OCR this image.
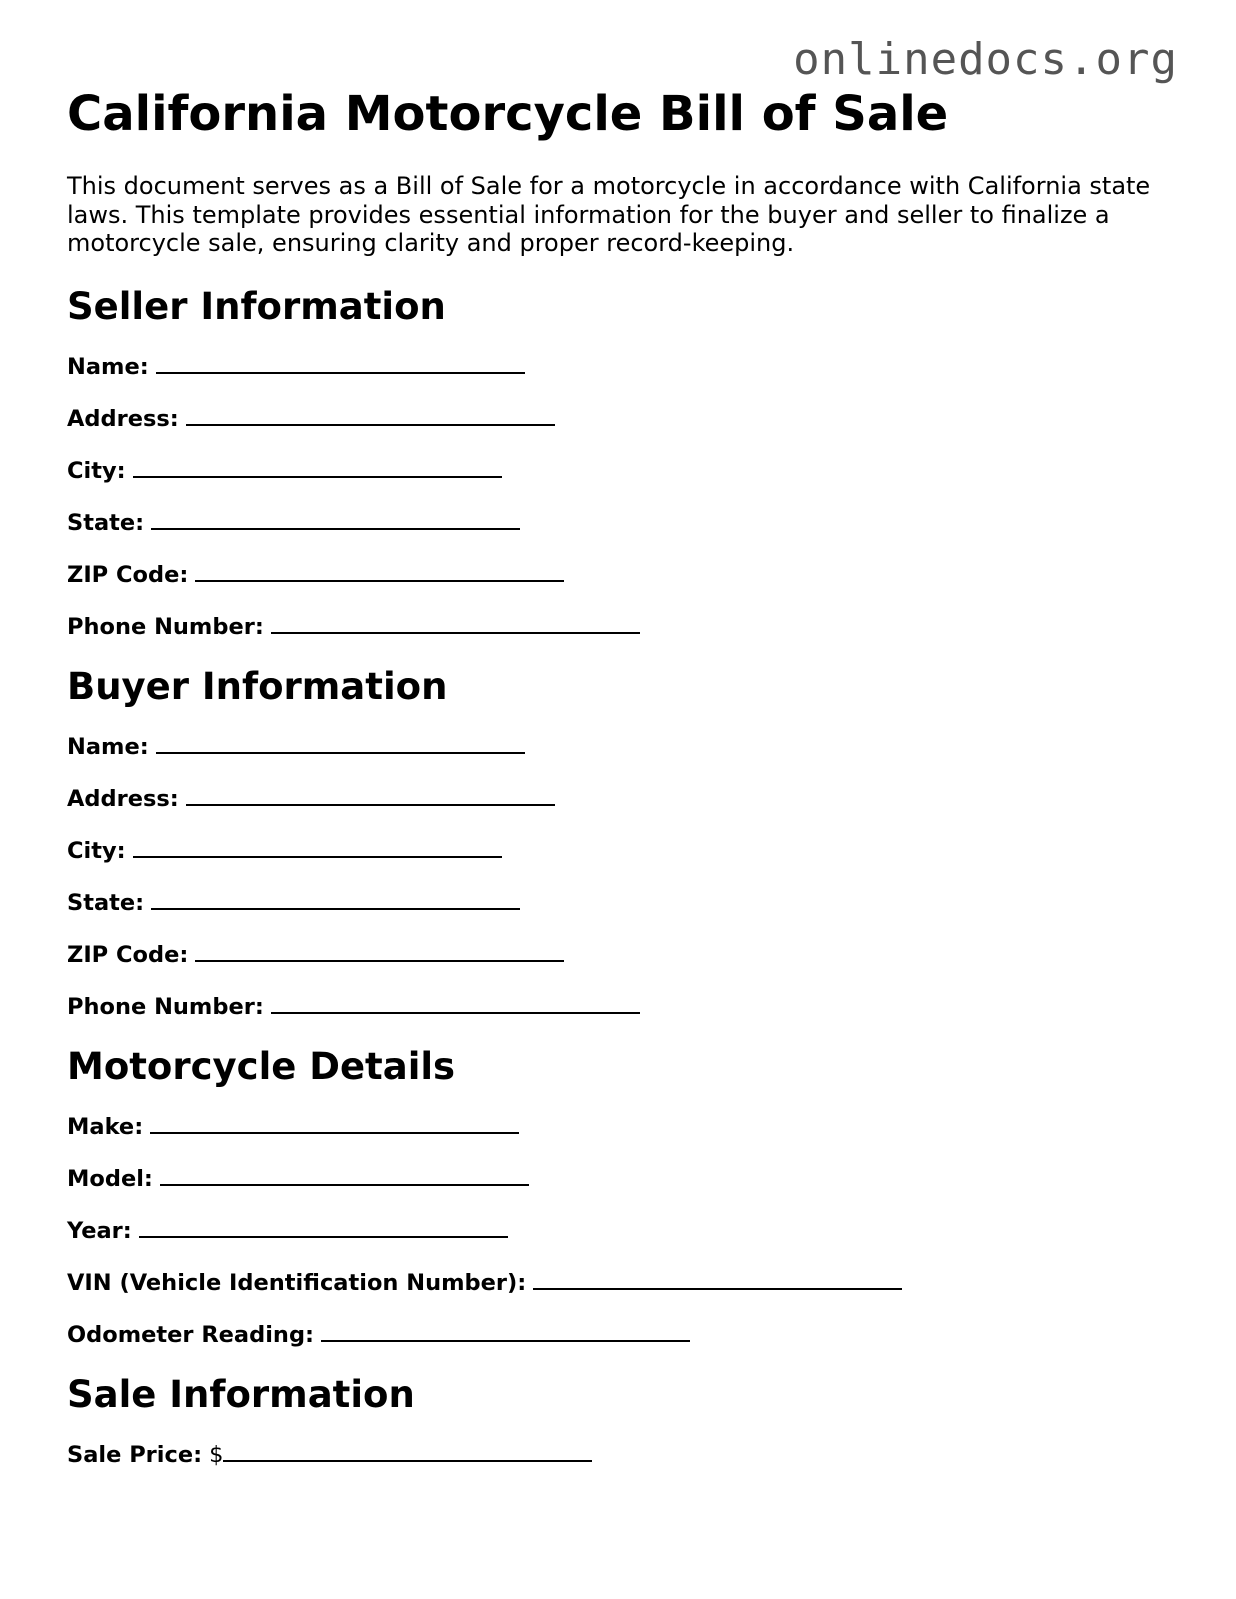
onlinedocs.org
California Motorcycle Bill of Sale

This document serves as a Bill of Sale for a motorcycle in accordance with California state laws. This template provides essential information for the buyer and seller to finalize a motorcycle sale, ensuring clarity and proper record-keeping.

Seller Information
Name:
Address:
City:
State:
ZIP Code:
Phone Number:
Buyer Information
Name:
Address:
City:
State:
ZIP Code:
Phone Number:
Motorcycle Details
Make:
Model:
Year:
VIN (Vehicle Identification Number):
Odometer Reading:
Sale Information
Sale Price: $
